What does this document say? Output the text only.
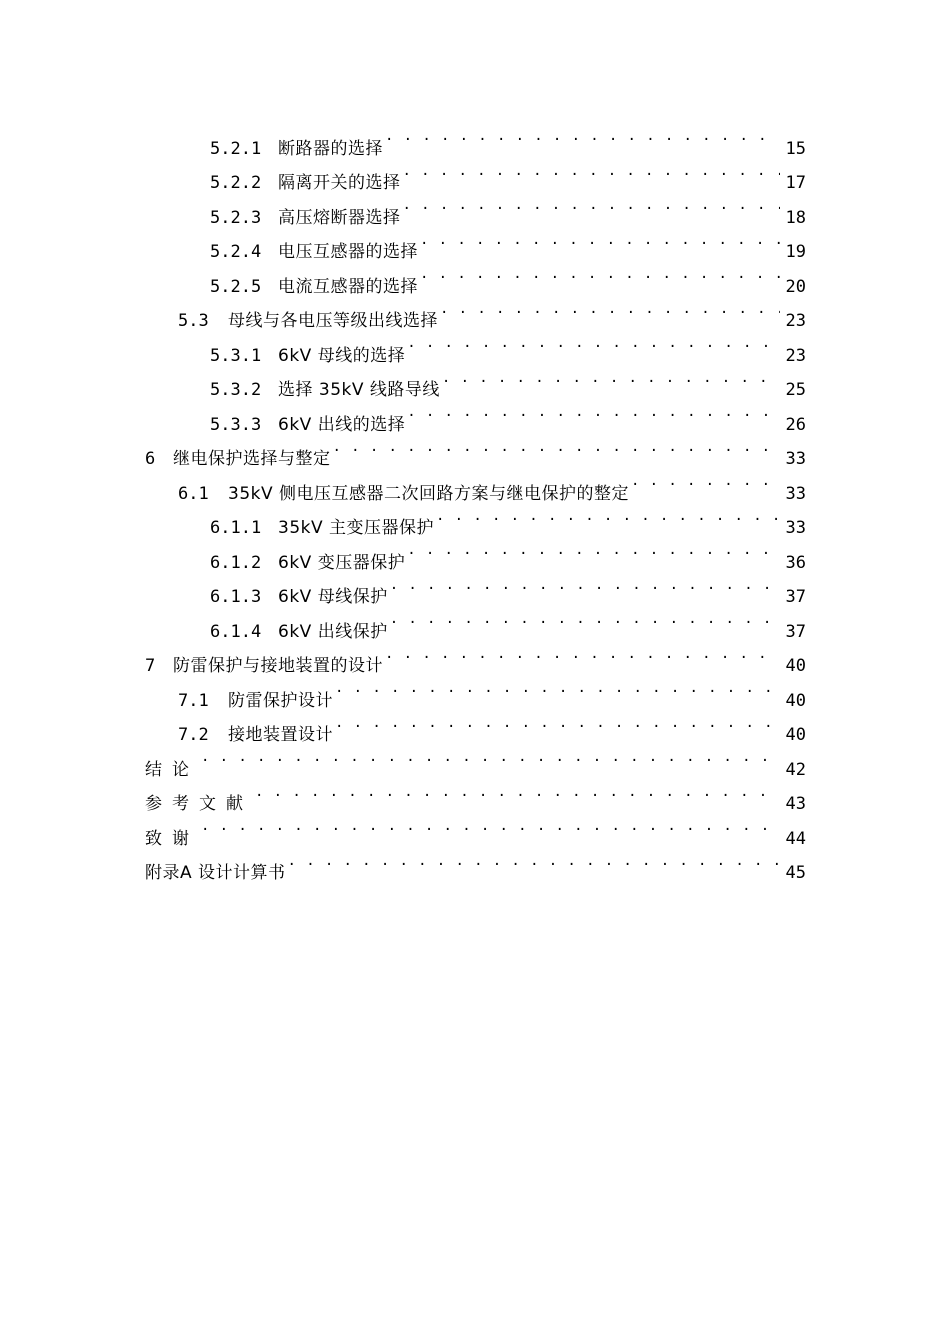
5.2.1 断路器的选择 . . .	15
5.2.2 隔离开关的选择 . . .	17
5.2.3 高压熔断器选择 . . .	18
5.2.4 电压互感器的选择 . . .	19
5.2.5 电流互感器的选择 . . .	20
5.3	母线与各电压等级出线选择 . . .	23
5.3.1 6kV 母线的选择 . . .	23
5.3.2 选择 35kV 线路导线 . . .	25
5.3.3 6kV 出线的选择 . . .	26
6	继电保护选择与整定 . . .	33
6.1	35kV 侧电压互感器二次回路方案与继电保护的整定 . . .	33
6.1.1 35kV 主变压器保护 . . .	33
6.1.2 6kV 变压器保护 . . .	36
6.1.3 6kV 母线保护 . . .	37
6.1.4 6kV 出线保护 . . .	37
7	防雷保护与接地装置的设计 . . .	40
7.1	防雷保护设计 . . .	40
7.2	接地装置设计 . . .	40
结论 . . .	42
参考文献 . . .	43
致谢 . . .	44
附录A 设计计算书 . . .	45
